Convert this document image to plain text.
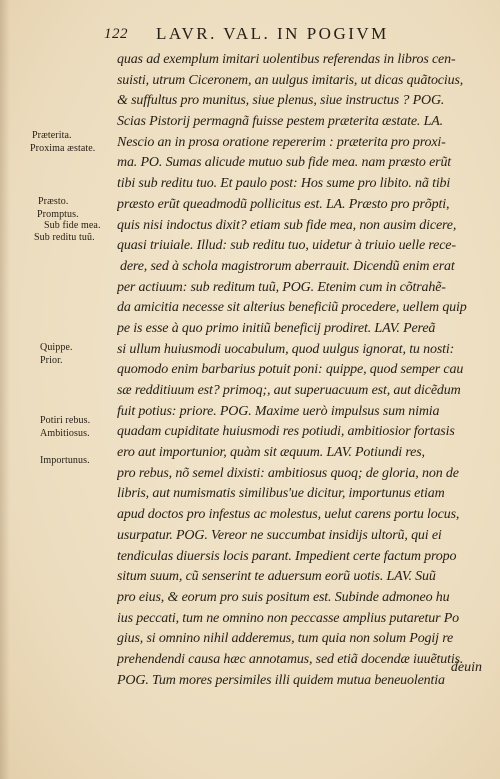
122 LAVR. VAL. IN POGIVM
Præterita.
Proxima æstate.
Præsto.
Promptus.
Sub fide mea.
Sub reditu tuũ.
Quippe.
Prior.
Potiri rebus.
Ambitiosus.
Importunus.
quas ad exemplum imitari uolentibus referendas in libros cen-
suisti, utrum Ciceronem, an uulgus imitaris, ut dicas quãtocius,
& suffultus pro munitus, siue plenus, siue instructus ? POG.
Scias Pistorij permagnã fuisse pestem præterita æstate. LA.
Nescio an in prosa oratione repererim : præterita pro proxi-
ma. PO. Sumas alicude mutuo sub fide mea. nam præsto erũt
tibi sub reditu tuo. Et paulo post: Hos sume pro libito. nã tibi
præsto erũt queadmodũ pollicitus est. LA. Præsto pro prõpti,
quis nisi indoctus dixit? etiam sub fide mea, non ausim dicere,
quasi triuiale. Illud: sub reditu tuo, uidetur à triuio uelle rece-
dere, sed à schola magistrorum aberrauit. Dicendũ enim erat
per actiuum: sub reditum tuũ, POG. Etenim cum in cõtrahẽ-
da amicitia necesse sit alterius beneficiũ procedere, uellem quip
pe is esse à quo primo initiũ beneficij prodiret. LAV. Pereã
si ullum huiusmodi uocabulum, quod uulgus ignorat, tu nosti:
quomodo enim barbarius potuit poni: quippe, quod semper cau
sæ redditiuum est? primoq;, aut superuacuum est, aut dicẽdum
fuit potius: priore. POG. Maxime uerò impulsus sum nimia
quadam cupiditate huiusmodi res potiudi, ambitiosior fortasis
ero aut importunior, quàm sit æquum. LAV. Potiundi res,
pro rebus, nõ semel dixisti: ambitiosus quoq; de gloria, non de
libris, aut numismatis similibus'ue dicitur, importunus etiam
apud doctos pro infestus ac molestus, uelut carens portu locus,
usurpatur. POG. Vereor ne succumbat insidijs ultorũ, qui ei
tendiculas diuersis locis parant. Impedient certe factum propo
situm suum, cũ senserint te aduersum eorũ uotis. LAV. Suũ
pro eius, & eorum pro suis positum est. Subinde admoneo hu
ius peccati, tum ne omnino non peccasse amplius putaretur Po
gius, si omnino nihil adderemus, tum quia non solum Pogij re
prehendendi causa hæc annotamus, sed etiã docendæ iuuẽtutis.
POG. Tum mores persimiles illi quidem mutua beneuolentia
deuin
